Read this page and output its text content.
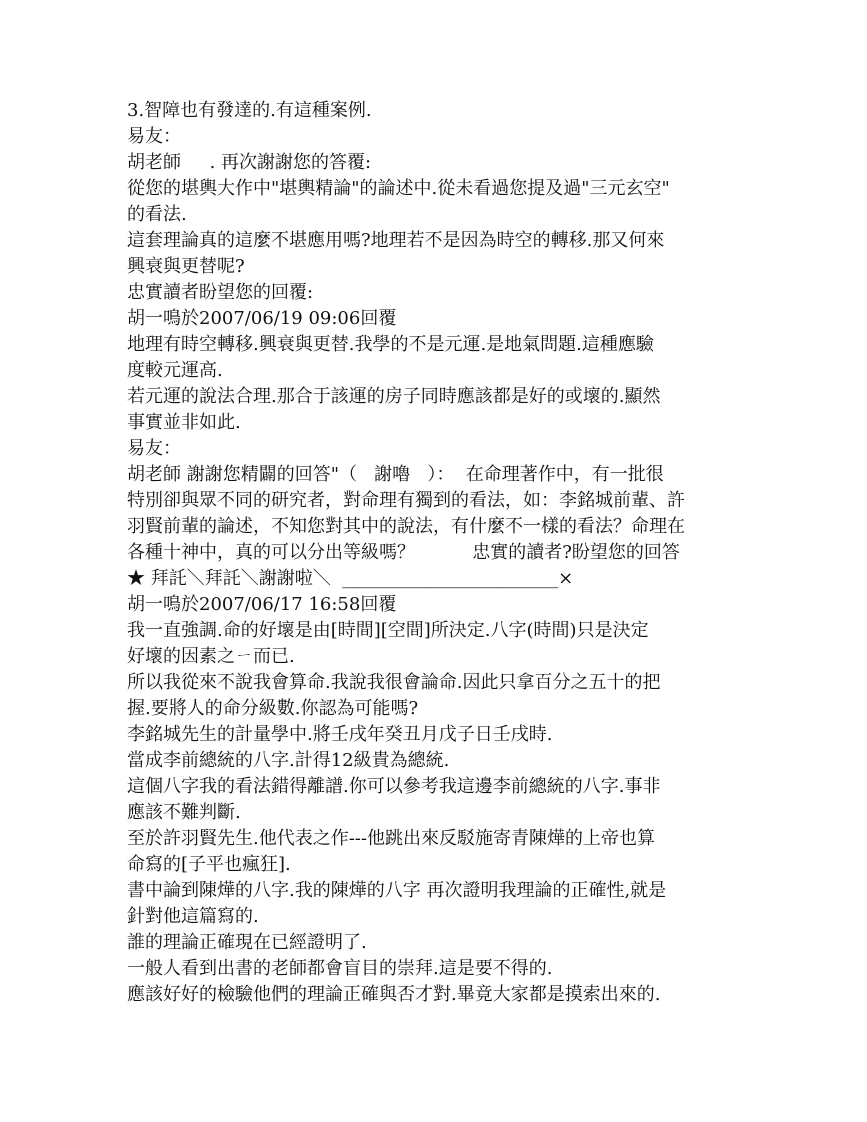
3.智障也有發達的.有這種案例.
易友：
胡老師     . 再次謝謝您的答覆:
從您的堪輿大作中"堪輿精論"的論述中.從未看過您提及過"三元玄空"
的看法.
這套理論真的這麼不堪應用嗎?地理若不是因為時空的轉移.那又何來
興衰與更替呢?
忠實讀者盼望您的回覆:
胡一鳴於2007/06/19 09:06回覆
地理有時空轉移.興衰與更替.我學的不是元運.是地氣問題.這種應驗
度較元運高.
若元運的說法合理.那合于該運的房子同時應該都是好的或壞的.顯然
事實並非如此.
易友：
胡老師 謝謝您精闢的回答"（   謝嚕   ）：  在命理著作中，有一批很
特別卻與眾不同的研究者，對命理有獨到的看法，如：李銘城前輩、許
羽賢前輩的論述，不知您對其中的說法，有什麼不一樣的看法？命理在
各種十神中，真的可以分出等級嗎？          忠實的讀者?盼望您的回答
★ 拜託＼拜託＼謝謝啦＼  ________________________×
胡一鳴於2007/06/17 16:58回覆
我一直強調.命的好壞是由[時間][空間]所決定.八字(時間)只是決定
好壞的因素之ㄧ而已.
所以我從來不說我會算命.我說我很會論命.因此只拿百分之五十的把
握.要將人的命分級數.你認為可能嗎?
李銘城先生的計量學中.將壬戌年癸丑月戊子日壬戌時.
當成李前總統的八字.計得12級貴為總統.
這個八字我的看法錯得離譜.你可以參考我這邊李前總統的八字.事非
應該不難判斷.
至於許羽賢先生.他代表之作---他跳出來反駁施寄青陳燁的上帝也算
命寫的[子平也瘋狂].
書中論到陳燁的八字.我的陳燁的八字 再次證明我理論的正確性,就是
針對他這篇寫的.
誰的理論正確現在已經證明了.
一般人看到出書的老師都會盲目的崇拜.這是要不得的.
應該好好的檢驗他們的理論正確與否才對.畢竟大家都是摸索出來的.
